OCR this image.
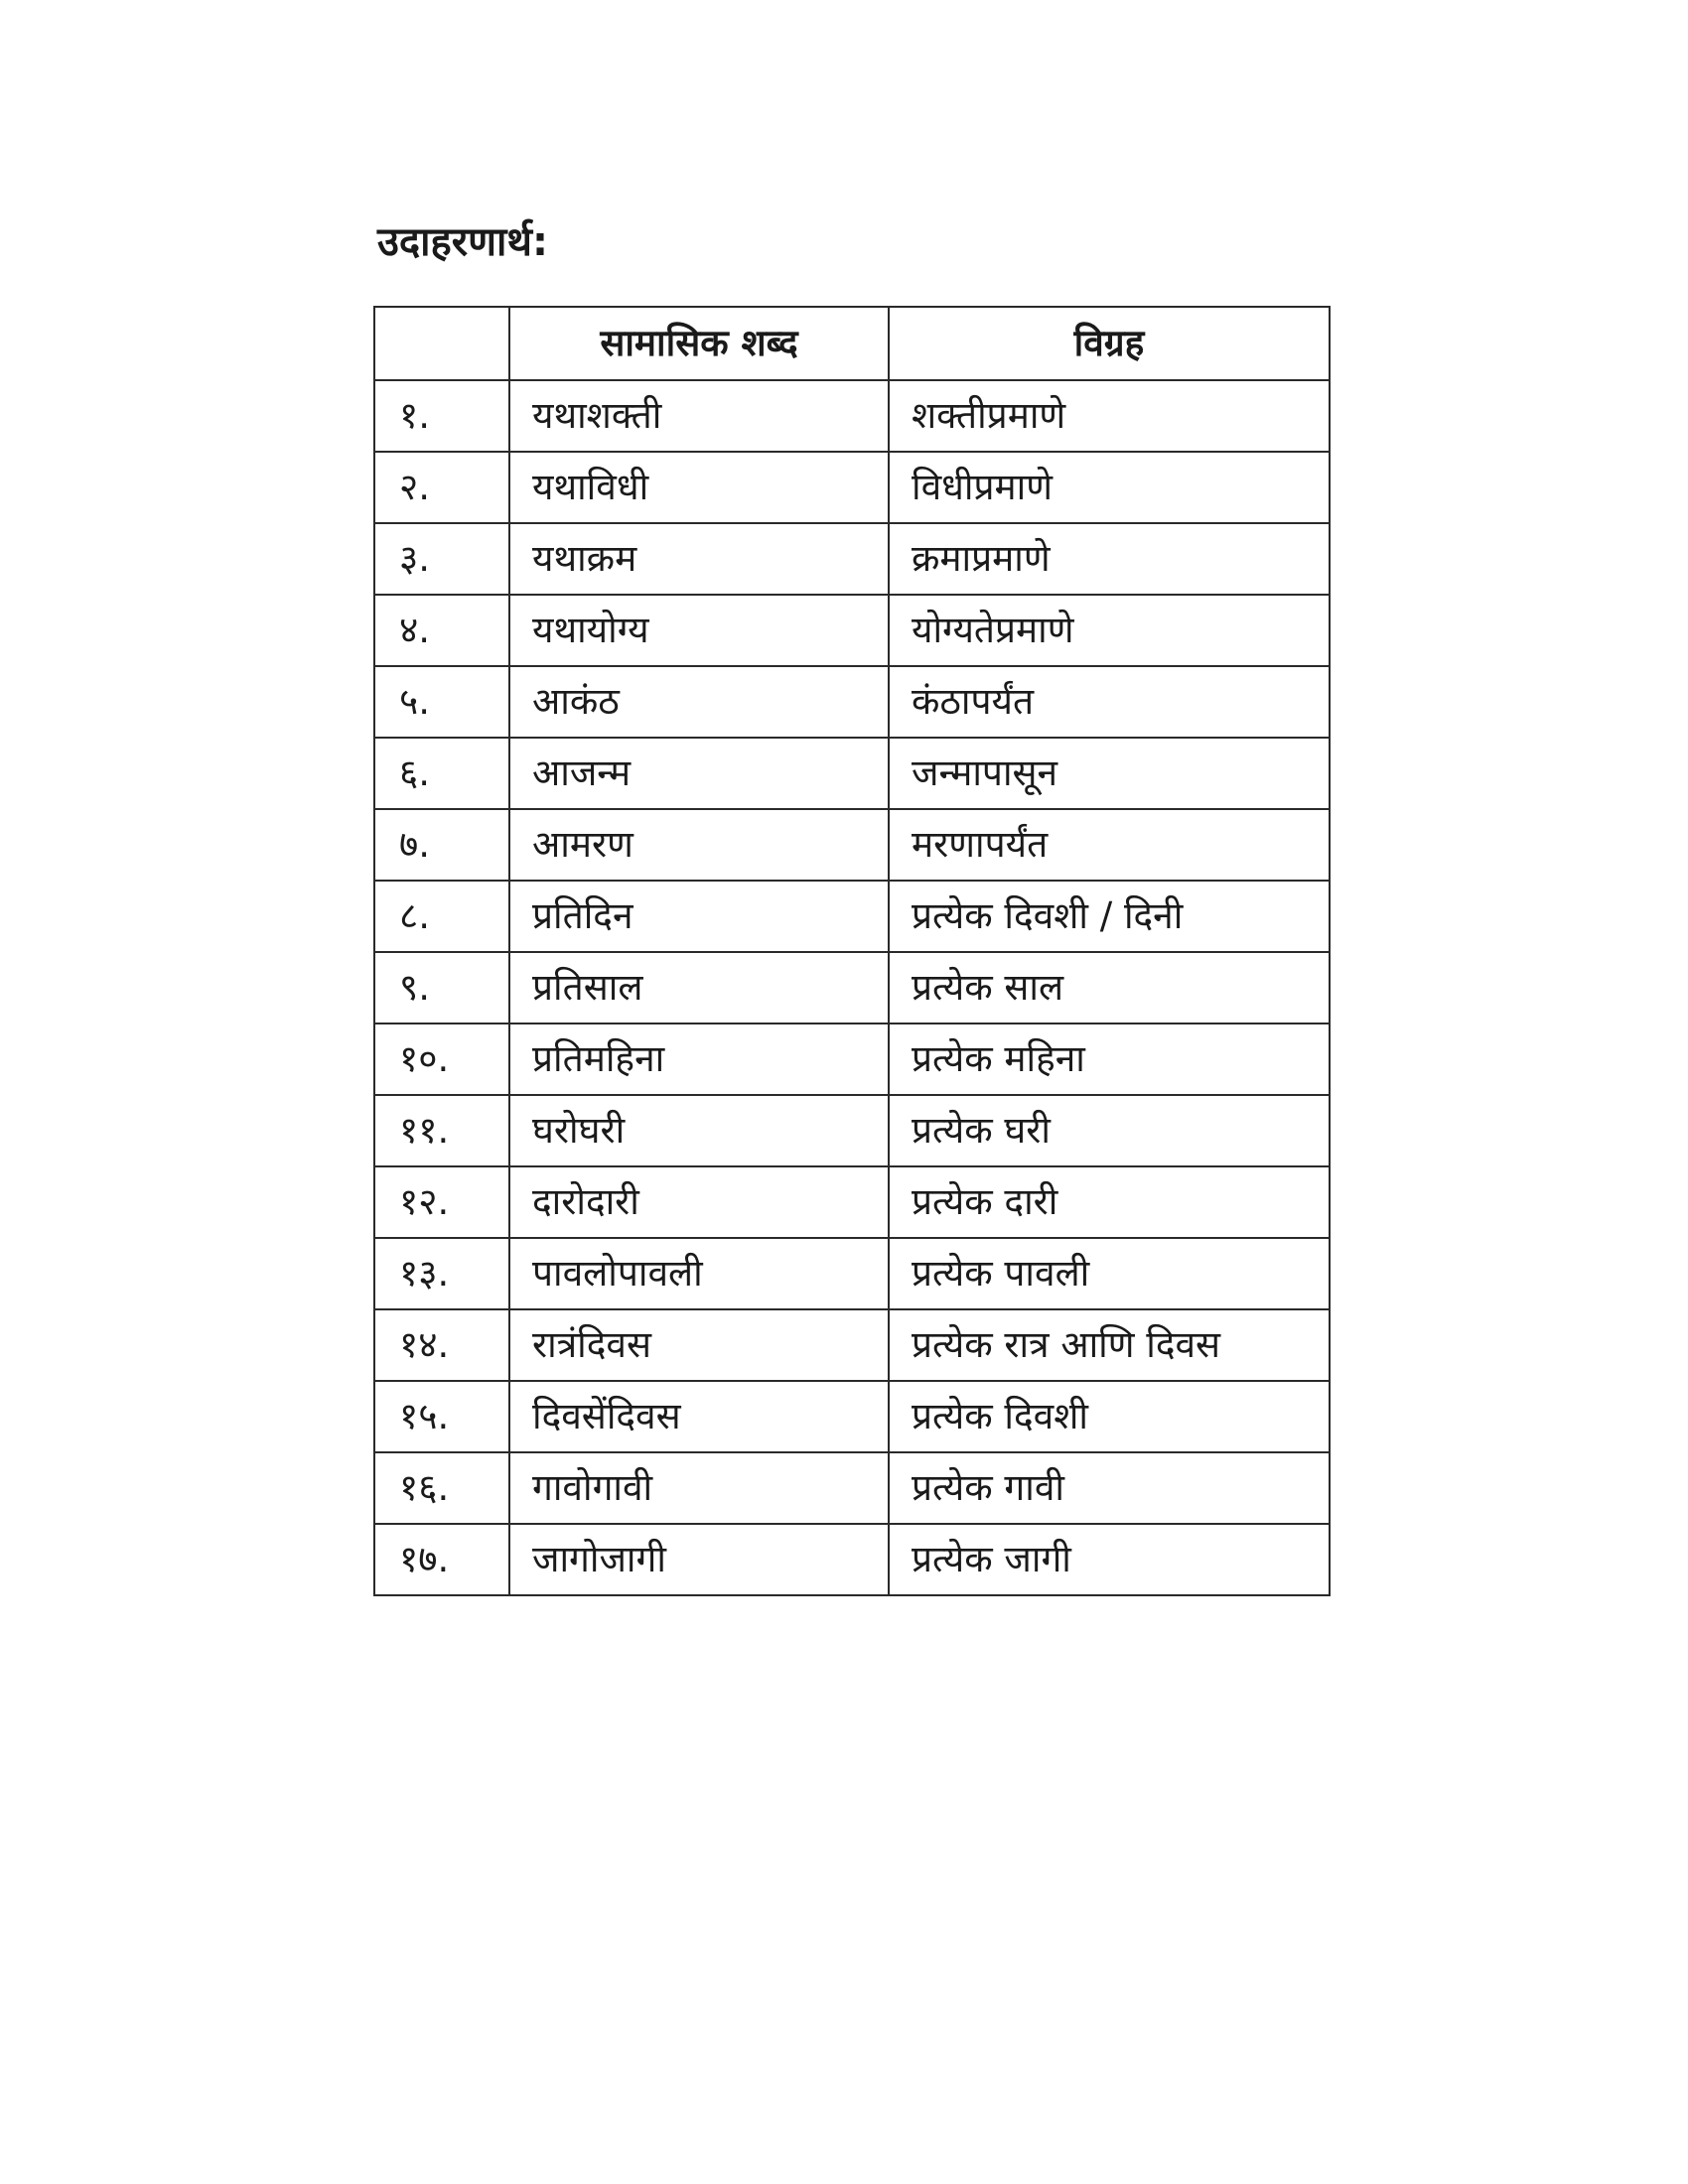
उदाहरणार्थ:
	सामासिक शब्द	विग्रह
१.	यथाशक्ती	शक्तीप्रमाणे
२.	यथाविधी	विधीप्रमाणे
३.	यथाक्रम	क्रमाप्रमाणे
४.	यथायोग्य	योग्यतेप्रमाणे
५.	आकंठ	कंठापर्यंत
६.	आजन्म	जन्मापासून
७.	आमरण	मरणापर्यंत
८.	प्रतिदिन	प्रत्येक दिवशी / दिनी
९.	प्रतिसाल	प्रत्येक साल
१०.	प्रतिमहिना	प्रत्येक महिना
११.	घरोघरी	प्रत्येक घरी
१२.	दारोदारी	प्रत्येक दारी
१३.	पावलोपावली	प्रत्येक पावली
१४.	रात्रंदिवस	प्रत्येक रात्र आणि दिवस
१५.	दिवसेंदिवस	प्रत्येक दिवशी
१६.	गावोगावी	प्रत्येक गावी
१७.	जागोजागी	प्रत्येक जागी
